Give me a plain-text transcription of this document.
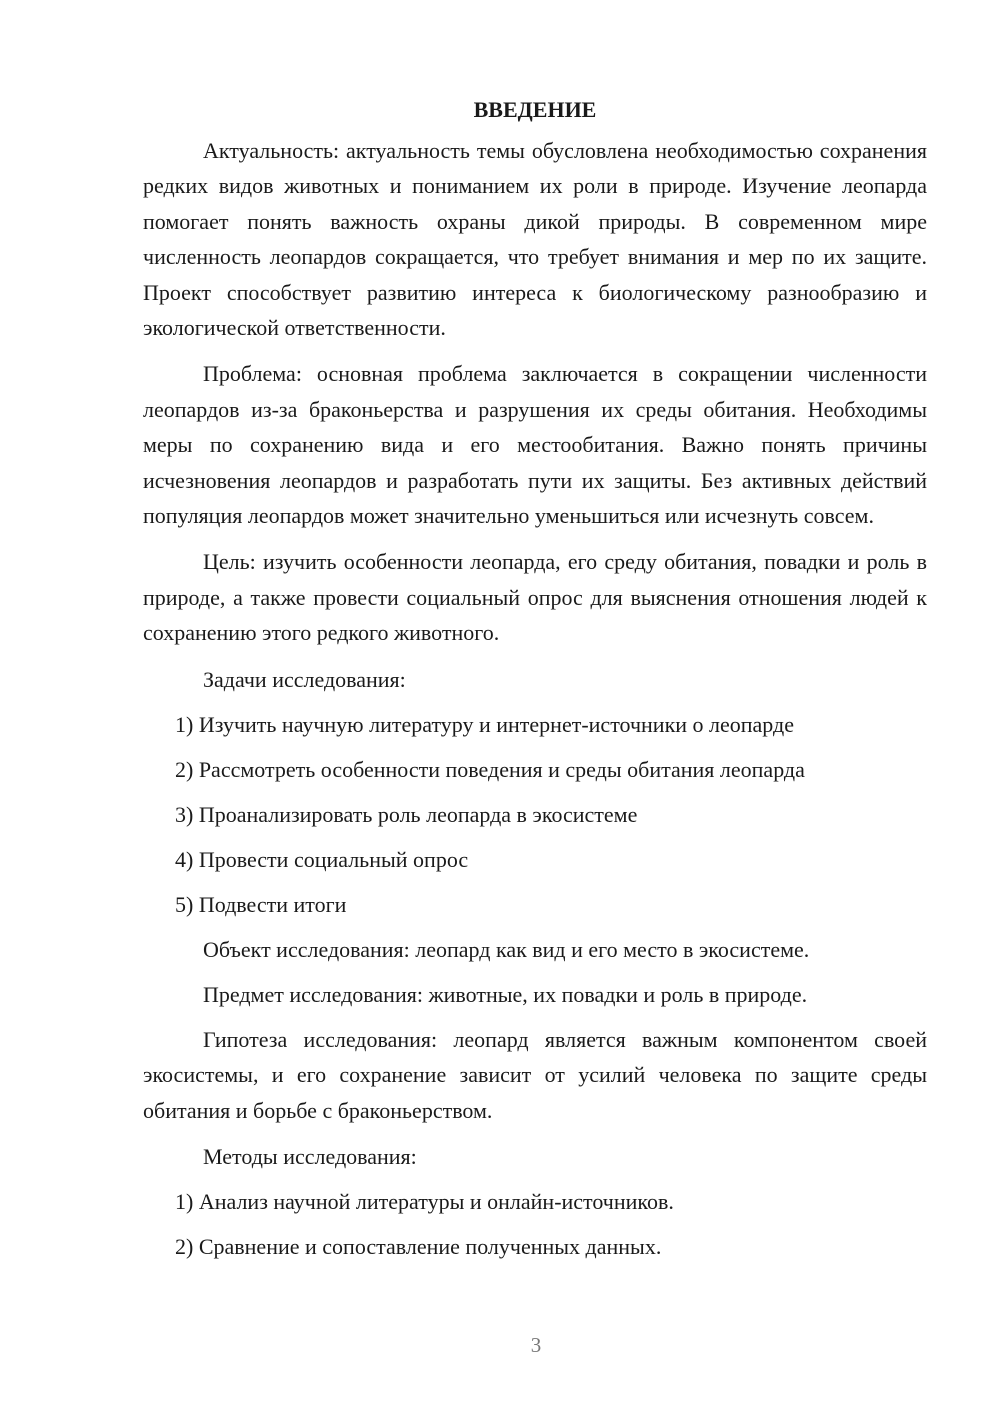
ВВЕДЕНИЕ

Актуальность: актуальность темы обусловлена необходимостью сохранения редких видов животных и пониманием их роли в природе. Изучение леопарда помогает понять важность охраны дикой природы. В современном мире численность леопардов сокращается, что требует внимания и мер по их защите. Проект способствует развитию интереса к биологическому разнообразию и экологической ответственности.

Проблема: основная проблема заключается в сокращении численности леопардов из-за браконьерства и разрушения их среды обитания. Необходимы меры по сохранению вида и его местообитания. Важно понять причины исчезновения леопардов и разработать пути их защиты. Без активных действий популяция леопардов может значительно уменьшиться или исчезнуть совсем.

Цель: изучить особенности леопарда, его среду обитания, повадки и роль в природе, а также провести социальный опрос для выяснения отношения людей к сохранению этого редкого животного.

Задачи исследования:
1) Изучить научную литературу и интернет-источники о леопарде
2) Рассмотреть особенности поведения и среды обитания леопарда
3) Проанализировать роль леопарда в экосистеме
4) Провести социальный опрос
5) Подвести итоги
Объект исследования: леопард как вид и его место в экосистеме.
Предмет исследования: животные, их повадки и роль в природе.

Гипотеза исследования: леопард является важным компонентом своей экосистемы, и его сохранение зависит от усилий человека по защите среды обитания и борьбе с браконьерством.

Методы исследования:
1) Анализ научной литературы и онлайн-источников.
2) Сравнение и сопоставление полученных данных.
3
